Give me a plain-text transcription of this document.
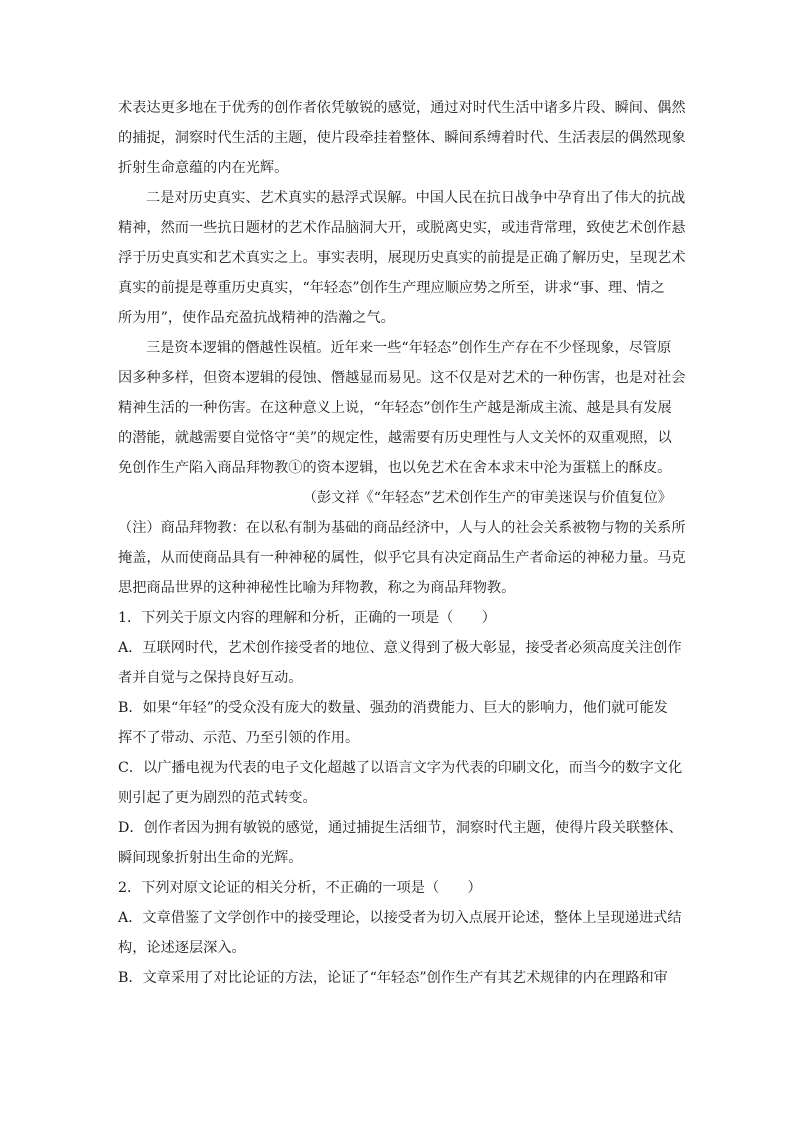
术表达更多地在于优秀的创作者依凭敏锐的感觉，通过对时代生活中诸多片段、瞬间、偶然
的捕捉，洞察时代生活的主题，使片段牵挂着整体、瞬间系缚着时代、生活表层的偶然现象
折射生命意蕴的内在光辉。
二是对历史真实、艺术真实的悬浮式误解。中国人民在抗日战争中孕育出了伟大的抗战
精神，然而一些抗日题材的艺术作品脑洞大开，或脱离史实，或违背常理，致使艺术创作悬
浮于历史真实和艺术真实之上。事实表明，展现历史真实的前提是正确了解历史，呈现艺术
真实的前提是尊重历史真实，“年轻态”创作生产理应顺应势之所至，讲求“事、理、情之
所为用”，使作品充盈抗战精神的浩瀚之气。
三是资本逻辑的僭越性误植。近年来一些“年轻态”创作生产存在不少怪现象，尽管原
因多种多样，但资本逻辑的侵蚀、僭越显而易见。这不仅是对艺术的一种伤害，也是对社会
精神生活的一种伤害。在这种意义上说，“年轻态”创作生产越是渐成主流、越是具有发展
的潜能，就越需要自觉恪守“美”的规定性，越需要有历史理性与人文关怀的双重观照，以
免创作生产陷入商品拜物教①的资本逻辑，也以免艺术在舍本求末中沦为蛋糕上的酥皮。
（彭文祥《“年轻态”艺术创作生产的审美迷误与价值复位》
（注）商品拜物教：在以私有制为基础的商品经济中，人与人的社会关系被物与物的关系所
掩盖，从而使商品具有一种神秘的属性，似乎它具有决定商品生产者命运的神秘力量。马克
思把商品世界的这种神秘性比喻为拜物教，称之为商品拜物教。
1．下列关于原文内容的理解和分析，正确的一项是（　　）
A．互联网时代，艺术创作接受者的地位、意义得到了极大彰显，接受者必须高度关注创作
者并自觉与之保持良好互动。
B．如果“年轻”的受众没有庞大的数量、强劲的消费能力、巨大的影响力，他们就可能发
挥不了带动、示范、乃至引领的作用。
C．以广播电视为代表的电子文化超越了以语言文字为代表的印刷文化，而当今的数字文化
则引起了更为剧烈的范式转变。
D．创作者因为拥有敏锐的感觉，通过捕捉生活细节，洞察时代主题，使得片段关联整体、
瞬间现象折射出生命的光辉。
2．下列对原文论证的相关分析，不正确的一项是（　　）
A．文章借鉴了文学创作中的接受理论，以接受者为切入点展开论述，整体上呈现递进式结
构，论述逐层深入。
B．文章采用了对比论证的方法，论证了“年轻态”创作生产有其艺术规律的内在理路和审
